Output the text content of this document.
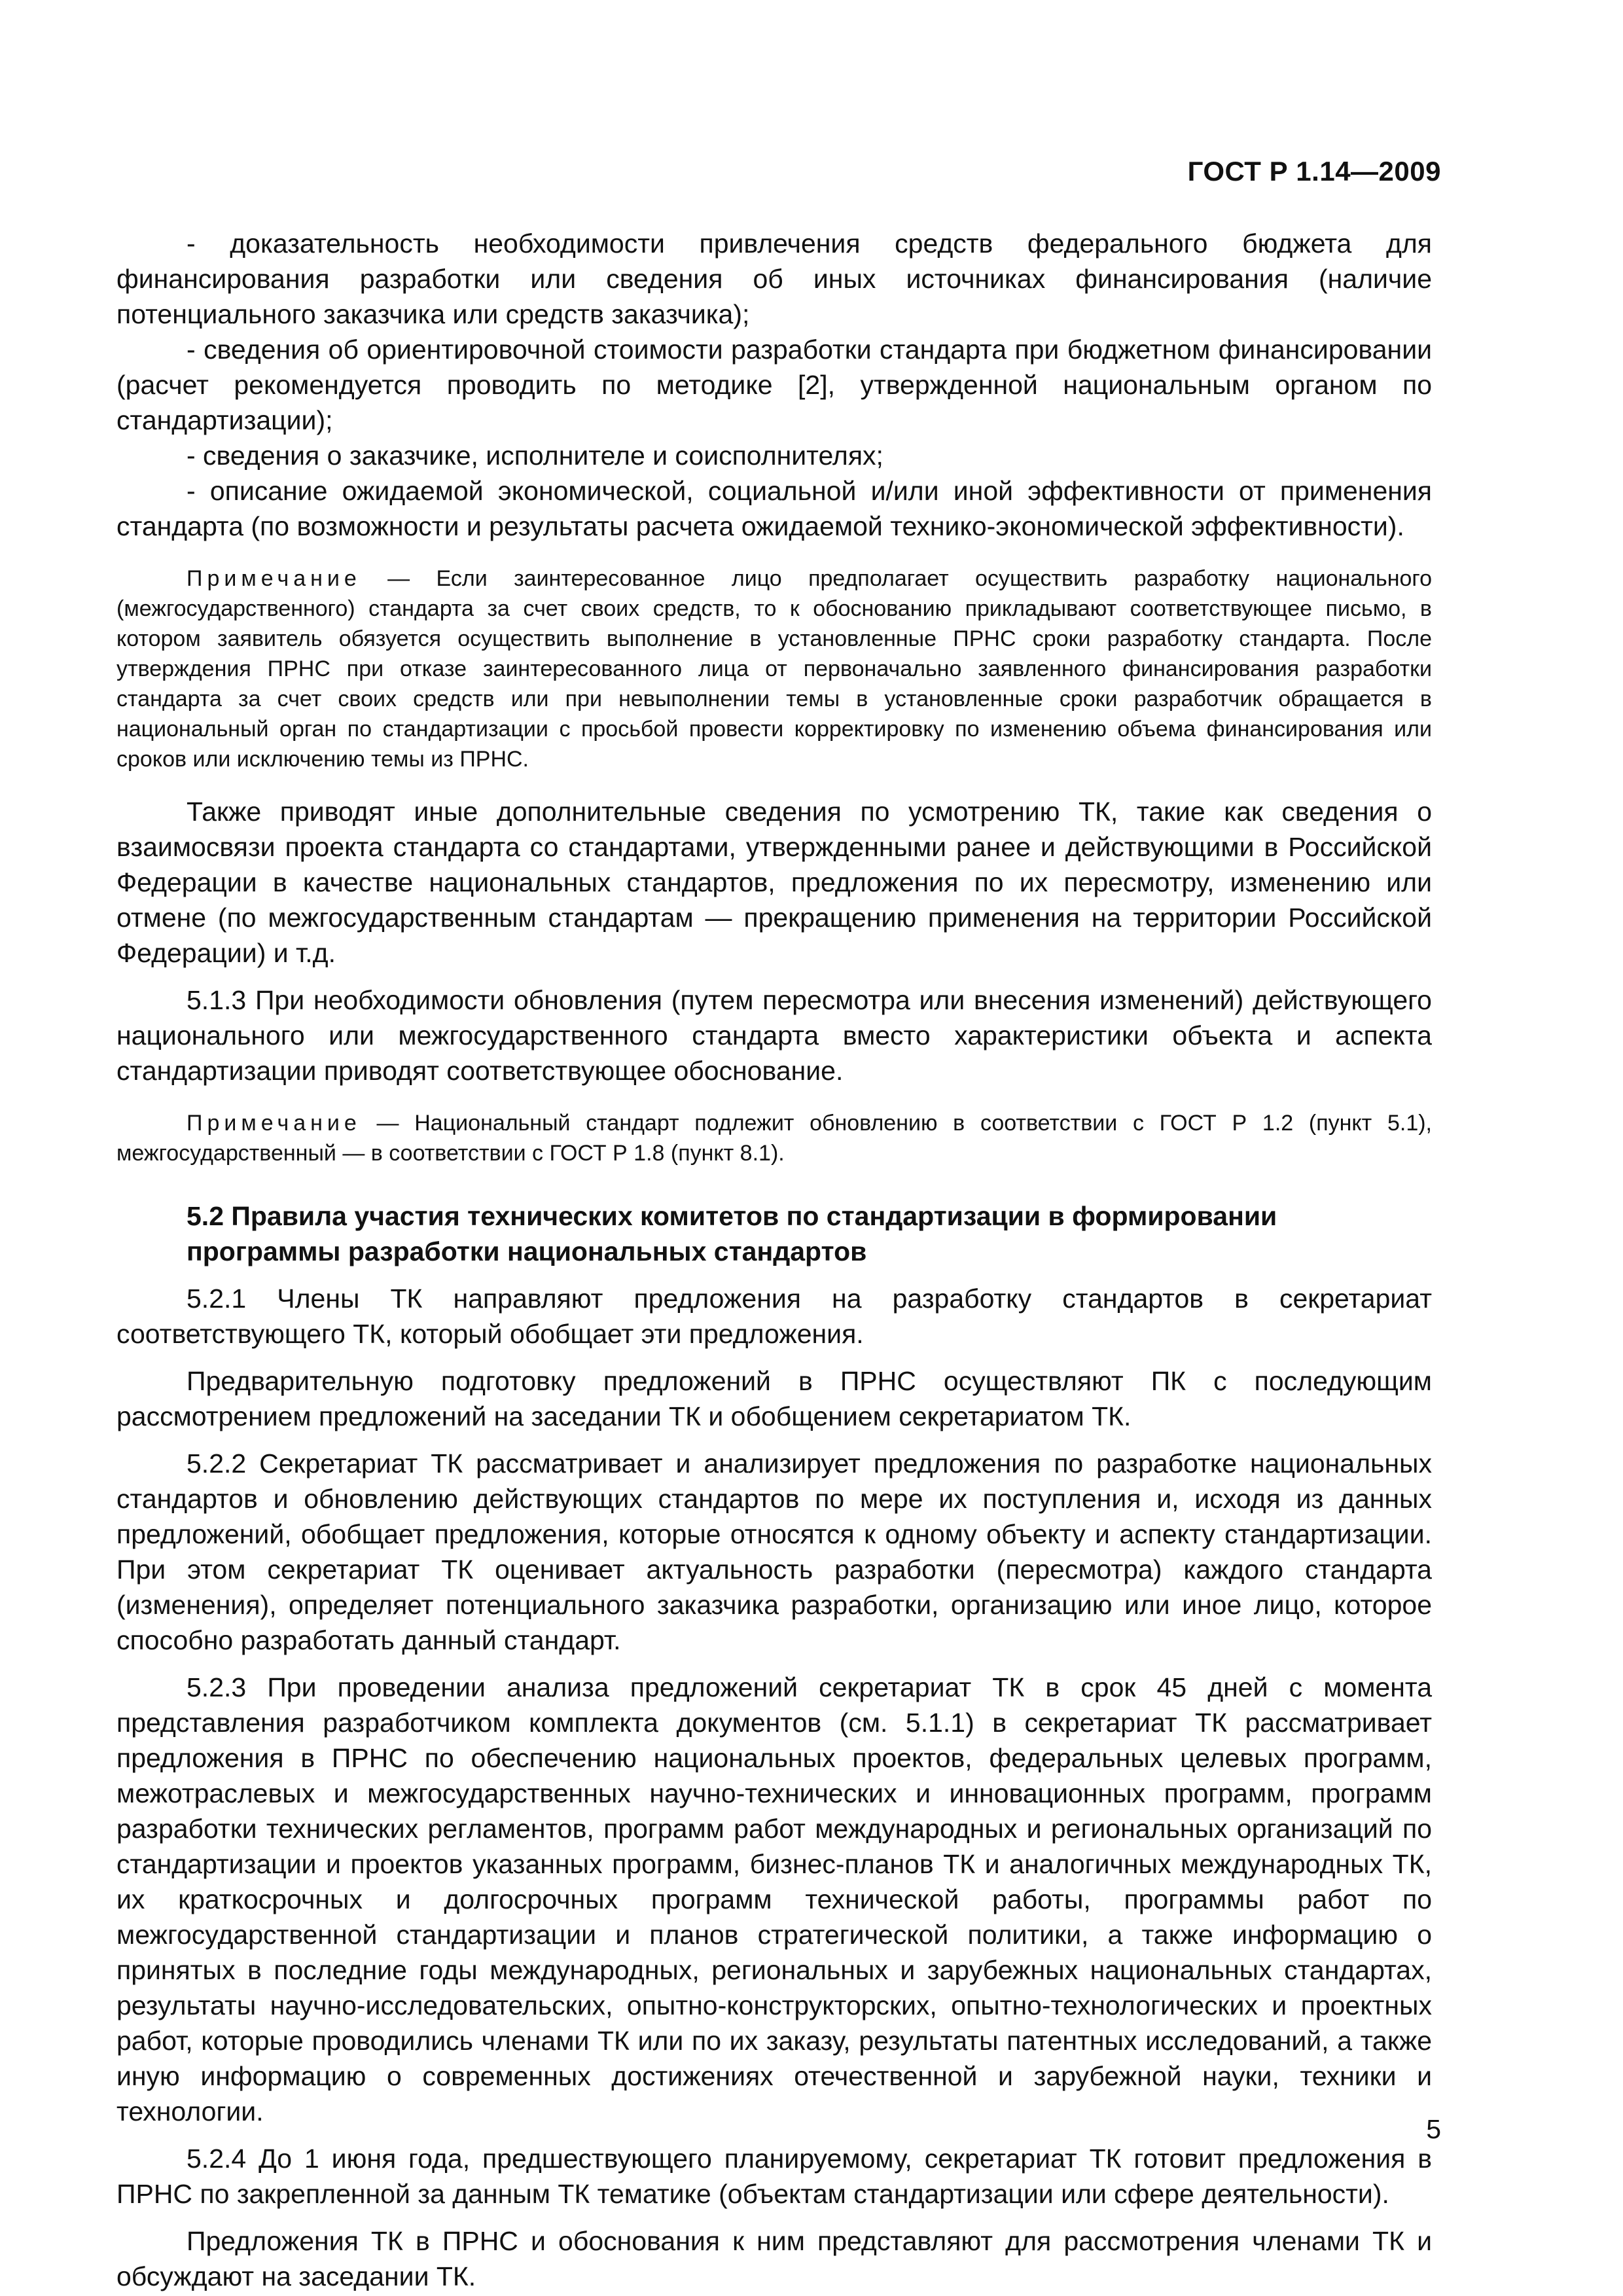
ГОСТ Р 1.14—2009

- доказательность необходимости привлечения средств федерального бюджета для финансирования разработки или сведения об иных источниках финансирования (наличие потенциального заказчика или средств заказчика);

- сведения об ориентировочной стоимости разработки стандарта при бюджетном финансировании (расчет рекомендуется проводить по методике [2], утвержденной национальным органом по стандартизации);

- сведения о заказчике, исполнителе и соисполнителях;

- описание ожидаемой экономической, социальной и/или иной эффективности от применения стандарта (по возможности и результаты расчета ожидаемой технико-экономической эффективности).

Примечание — Если заинтересованное лицо предполагает осуществить разработку национального (межгосударственного) стандарта за счет своих средств, то к обоснованию прикладывают соответствующее письмо, в котором заявитель обязуется осуществить выполнение в установленные ПРНС сроки разработку стандарта. После утверждения ПРНС при отказе заинтересованного лица от первоначально заявленного финансирования разработки стандарта за счет своих средств или при невыполнении темы в установленные сроки разработчик обращается в национальный орган по стандартизации с просьбой провести корректировку по изменению объема финансирования или сроков или исключению темы из ПРНС.

Также приводят иные дополнительные сведения по усмотрению ТК, такие как сведения о взаимосвязи проекта стандарта со стандартами, утвержденными ранее и действующими в Российской Федерации в качестве национальных стандартов, предложения по их пересмотру, изменению или отмене (по межгосударственным стандартам — прекращению применения на территории Российской Федерации) и т.д.

5.1.3 При необходимости обновления (путем пересмотра или внесения изменений) действующего национального или межгосударственного стандарта вместо характеристики объекта и аспекта стандартизации приводят соответствующее обоснование.

Примечание — Национальный стандарт подлежит обновлению в соответствии с ГОСТ Р 1.2 (пункт 5.1), межгосударственный — в соответствии с ГОСТ Р 1.8 (пункт 8.1).

5.2 Правила участия технических комитетов по стандартизации в формировании
программы разработки национальных стандартов

5.2.1 Члены ТК направляют предложения на разработку стандартов в секретариат соответствующего ТК, который обобщает эти предложения.

Предварительную подготовку предложений в ПРНС осуществляют ПК с последующим рассмотрением предложений на заседании ТК и обобщением секретариатом ТК.

5.2.2 Секретариат ТК рассматривает и анализирует предложения по разработке национальных стандартов и обновлению действующих стандартов по мере их поступления и, исходя из данных предложений, обобщает предложения, которые относятся к одному объекту и аспекту стандартизации. При этом секретариат ТК оценивает актуальность разработки (пересмотра) каждого стандарта (изменения), определяет потенциального заказчика разработки, организацию или иное лицо, которое способно разработать данный стандарт.

5.2.3 При проведении анализа предложений секретариат ТК в срок 45 дней с момента представления разработчиком комплекта документов (см. 5.1.1) в секретариат ТК рассматривает предложения в ПРНС по обеспечению национальных проектов, федеральных целевых программ, межотраслевых и межгосударственных научно-технических и инновационных программ, программ разработки технических регламентов, программ работ международных и региональных организаций по стандартизации и проектов указанных программ, бизнес-планов ТК и аналогичных международных ТК, их краткосрочных и долгосрочных программ технической работы, программы работ по межгосударственной стандартизации и планов стратегической политики, а также информацию о принятых в последние годы международных, региональных и зарубежных национальных стандартах, результаты научно-исследовательских, опытно-конструкторских, опытно-технологических и проектных работ, которые проводились членами ТК или по их заказу, результаты патентных исследований, а также иную информацию о современных достижениях отечественной и зарубежной науки, техники и технологии.

5.2.4 До 1 июня года, предшествующего планируемому, секретариат ТК готовит предложения в ПРНС по закрепленной за данным ТК тематике (объектам стандартизации или сфере деятельности).

Предложения ТК в ПРНС и обоснования к ним представляют для рассмотрения членами ТК и обсуждают на заседании ТК.

5
